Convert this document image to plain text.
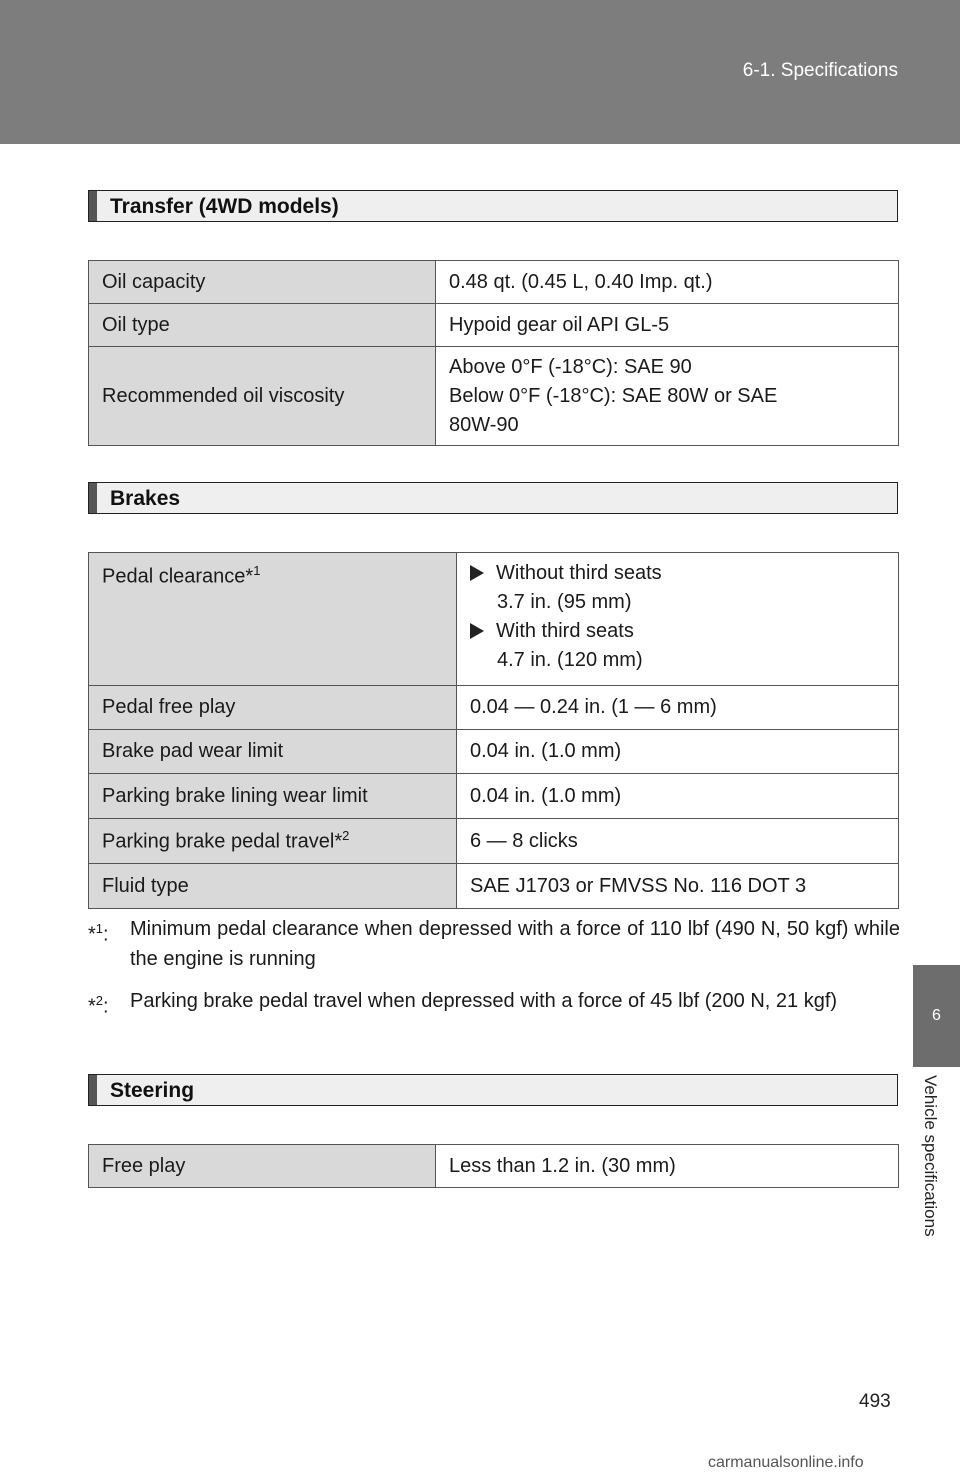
6-1. Specifications
6
Vehicle specifications
Transfer (4WD models)
Oil capacity	0.48 qt. (0.45 L, 0.40 Imp. qt.)
Oil type	Hypoid gear oil API GL-5
Recommended oil viscosity	Above 0°F (-18°C): SAE 90
Below 0°F (-18°C): SAE 80W or SAE
80W-90
Brakes
Pedal clearance*$^1$	Without third seats
3.7 in. (95 mm)
With third seats
4.7 in. (120 mm)

Pedal free play	0.04 — 0.24 in. (1 — 6 mm)
Brake pad wear limit	0.04 in. (1.0 mm)
Parking brake lining wear limit	0.04 in. (1.0 mm)
Parking brake pedal travel*$^2$	6 — 8 clicks
Fluid type	SAE J1703 or FMVSS No. 116 DOT 3
*$^1$: Minimum pedal clearance when depressed with a force of 110 lbf (490 N, 50 kgf) while the engine is running
*$^2$: Parking brake pedal travel when depressed with a force of 45 lbf (200 N, 21 kgf)
Steering
Free play	Less than 1.2 in. (30 mm)
493
carmanualsonline.info
